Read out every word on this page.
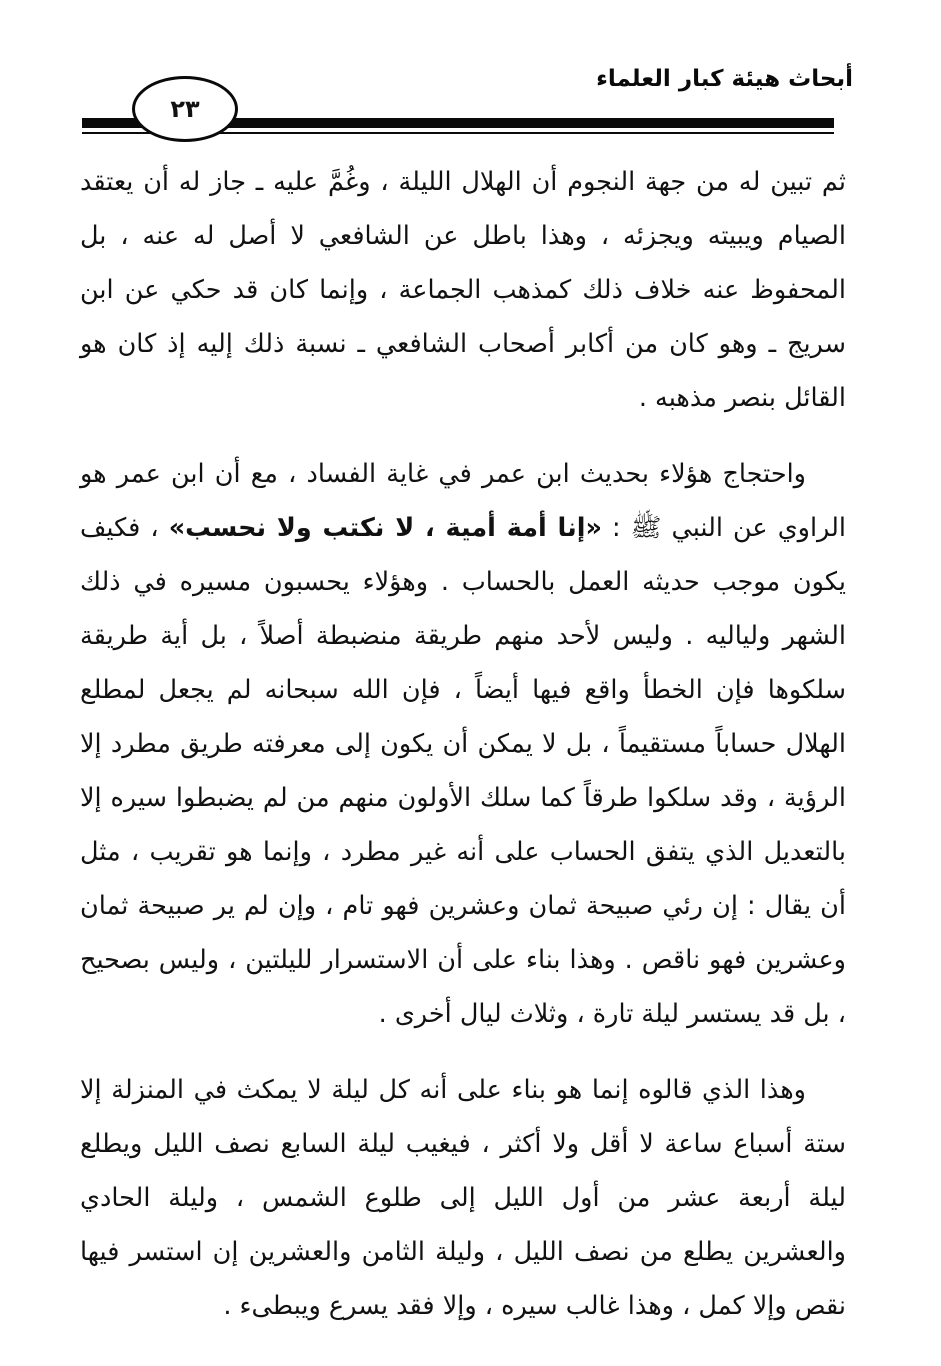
أبحاث هيئة كبار العلماء
٢٣

ثم تبين له من جهة النجوم أن الهلال الليلة ، وغُمَّ عليه ـ جاز له أن يعتقد الصيام ويبيته ويجزئه ، وهذا باطل عن الشافعي لا أصل له عنه ، بل المحفوظ عنه خلاف ذلك كمذهب الجماعة ، وإنما كان قد حكي عن ابن سريج ـ وهو كان من أكابر أصحاب الشافعي ـ نسبة ذلك إليه إذ كان هو القائل بنصر مذهبه .

واحتجاج هؤلاء بحديث ابن عمر في غاية الفساد ، مع أن ابن عمر هو الراوي عن النبي ﷺ : «إنا أمة أمية ، لا نكتب ولا نحسب» ، فكيف يكون موجب حديثه العمل بالحساب . وهؤلاء يحسبون مسيره في ذلك الشهر ولياليه . وليس لأحد منهم طريقة منضبطة أصلاً ، بل أية طريقة سلكوها فإن الخطأ واقع فيها أيضاً ، فإن الله سبحانه لم يجعل لمطلع الهلال حساباً مستقيماً ، بل لا يمكن أن يكون إلى معرفته طريق مطرد إلا الرؤية ، وقد سلكوا طرقاً كما سلك الأولون منهم من لم يضبطوا سيره إلا بالتعديل الذي يتفق الحساب على أنه غير مطرد ، وإنما هو تقريب ، مثل أن يقال : إن رئي صبيحة ثمان وعشرين فهو تام ، وإن لم ير صبيحة ثمان وعشرين فهو ناقص . وهذا بناء على أن الاستسرار لليلتين ، وليس بصحيح ، بل قد يستسر ليلة تارة ، وثلاث ليال أخرى .

وهذا الذي قالوه إنما هو بناء على أنه كل ليلة لا يمكث في المنزلة إلا ستة أسباع ساعة لا أقل ولا أكثر ، فيغيب ليلة السابع نصف الليل ويطلع ليلة أربعة عشر من أول الليل إلى طلوع الشمس ، وليلة الحادي والعشرين يطلع من نصف الليل ، وليلة الثامن والعشرين إن استسر فيها نقص وإلا كمل ، وهذا غالب سيره ، وإلا فقد يسرع ويبطىء .
